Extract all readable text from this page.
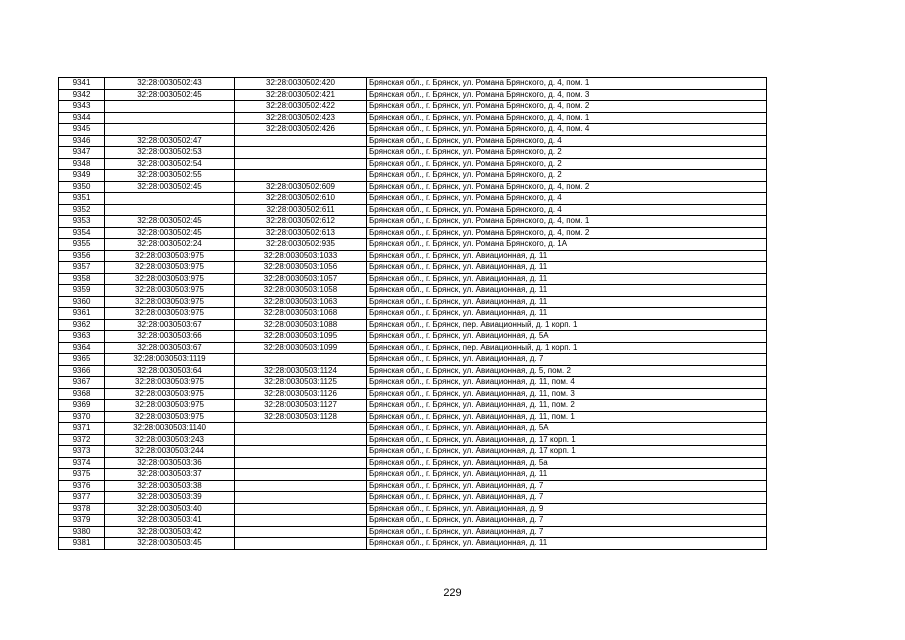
9341	32:28:0030502:43	32:28:0030502:420	Брянская обл., г. Брянск, ул. Романа Брянского, д. 4, пом. 1
9342	32:28:0030502:45	32:28:0030502:421	Брянская обл., г. Брянск, ул. Романа Брянского, д. 4, пом. 3
9343		32:28:0030502:422	Брянская обл., г. Брянск, ул. Романа Брянского, д. 4, пом. 2
9344		32:28:0030502:423	Брянская обл., г. Брянск, ул. Романа Брянского, д. 4, пом. 1
9345		32:28:0030502:426	Брянская обл., г. Брянск, ул. Романа Брянского, д. 4, пом. 4
9346	32:28:0030502:47		Брянская обл., г. Брянск, ул. Романа Брянского, д. 4
9347	32:28:0030502:53		Брянская обл., г. Брянск, ул. Романа Брянского, д. 2
9348	32:28:0030502:54		Брянская обл., г. Брянск, ул. Романа Брянского, д. 2
9349	32:28:0030502:55		Брянская обл., г. Брянск, ул. Романа Брянского, д. 2
9350	32:28:0030502:45	32:28:0030502:609	Брянская обл., г. Брянск, ул. Романа Брянского, д. 4, пом. 2
9351		32:28:0030502:610	Брянская обл., г. Брянск, ул. Романа Брянского, д. 4
9352		32:28:0030502:611	Брянская обл., г. Брянск, ул. Романа Брянского, д. 4
9353	32:28:0030502:45	32:28:0030502:612	Брянская обл., г. Брянск, ул. Романа Брянского, д. 4, пом. 1
9354	32:28:0030502:45	32:28:0030502:613	Брянская обл., г. Брянск, ул. Романа Брянского, д. 4, пом. 2
9355	32:28:0030502:24	32:28:0030502:935	Брянская обл., г. Брянск, ул. Романа Брянского, д. 1А
9356	32:28:0030503:975	32:28:0030503:1033	Брянская обл., г. Брянск, ул. Авиационная, д. 11
9357	32:28:0030503:975	32:28:0030503:1056	Брянская обл., г. Брянск, ул. Авиационная, д. 11
9358	32:28:0030503:975	32:28:0030503:1057	Брянская обл., г. Брянск, ул. Авиационная, д. 11
9359	32:28:0030503:975	32:28:0030503:1058	Брянская обл., г. Брянск, ул. Авиационная, д. 11
9360	32:28:0030503:975	32:28:0030503:1063	Брянская обл., г. Брянск, ул. Авиационная, д. 11
9361	32:28:0030503:975	32:28:0030503:1068	Брянская обл., г. Брянск, ул. Авиационная, д. 11
9362	32:28:0030503:67	32:28:0030503:1088	Брянская обл., г. Брянск, пер. Авиационный, д. 1 корп. 1
9363	32:28:0030503:66	32:28:0030503:1095	Брянская обл., г. Брянск, ул. Авиационная, д. 5А
9364	32:28:0030503:67	32:28:0030503:1099	Брянская обл., г. Брянск, пер. Авиационный, д. 1 корп. 1
9365	32:28:0030503:1119		Брянская обл., г. Брянск, ул. Авиационная, д. 7
9366	32:28:0030503:64	32:28:0030503:1124	Брянская обл., г. Брянск, ул. Авиационная, д. 5, пом. 2
9367	32:28:0030503:975	32:28:0030503:1125	Брянская обл., г. Брянск, ул. Авиационная, д. 11, пом. 4
9368	32:28:0030503:975	32:28:0030503:1126	Брянская обл., г. Брянск, ул. Авиационная, д. 11, пом. 3
9369	32:28:0030503:975	32:28:0030503:1127	Брянская обл., г. Брянск, ул. Авиационная, д. 11, пом. 2
9370	32:28:0030503:975	32:28:0030503:1128	Брянская обл., г. Брянск, ул. Авиационная, д. 11, пом. 1
9371	32:28:0030503:1140		Брянская обл., г. Брянск, ул. Авиационная, д. 5А
9372	32:28:0030503:243		Брянская обл., г. Брянск, ул. Авиационная, д. 17 корп. 1
9373	32:28:0030503:244		Брянская обл., г. Брянск, ул. Авиационная, д. 17 корп. 1
9374	32:28:0030503:36		Брянская обл., г. Брянск, ул. Авиационная, д. 5а
9375	32:28:0030503:37		Брянская обл., г. Брянск, ул. Авиационная, д. 11
9376	32:28:0030503:38		Брянская обл., г. Брянск, ул. Авиационная, д. 7
9377	32:28:0030503:39		Брянская обл., г. Брянск, ул. Авиационная, д. 7
9378	32:28:0030503:40		Брянская обл., г. Брянск, ул. Авиационная, д. 9
9379	32:28:0030503:41		Брянская обл., г. Брянск, ул. Авиационная, д. 7
9380	32:28:0030503:42		Брянская обл., г. Брянск, ул. Авиационная, д. 7
9381	32:28:0030503:45		Брянская обл., г. Брянск, ул. Авиационная, д. 11
229
